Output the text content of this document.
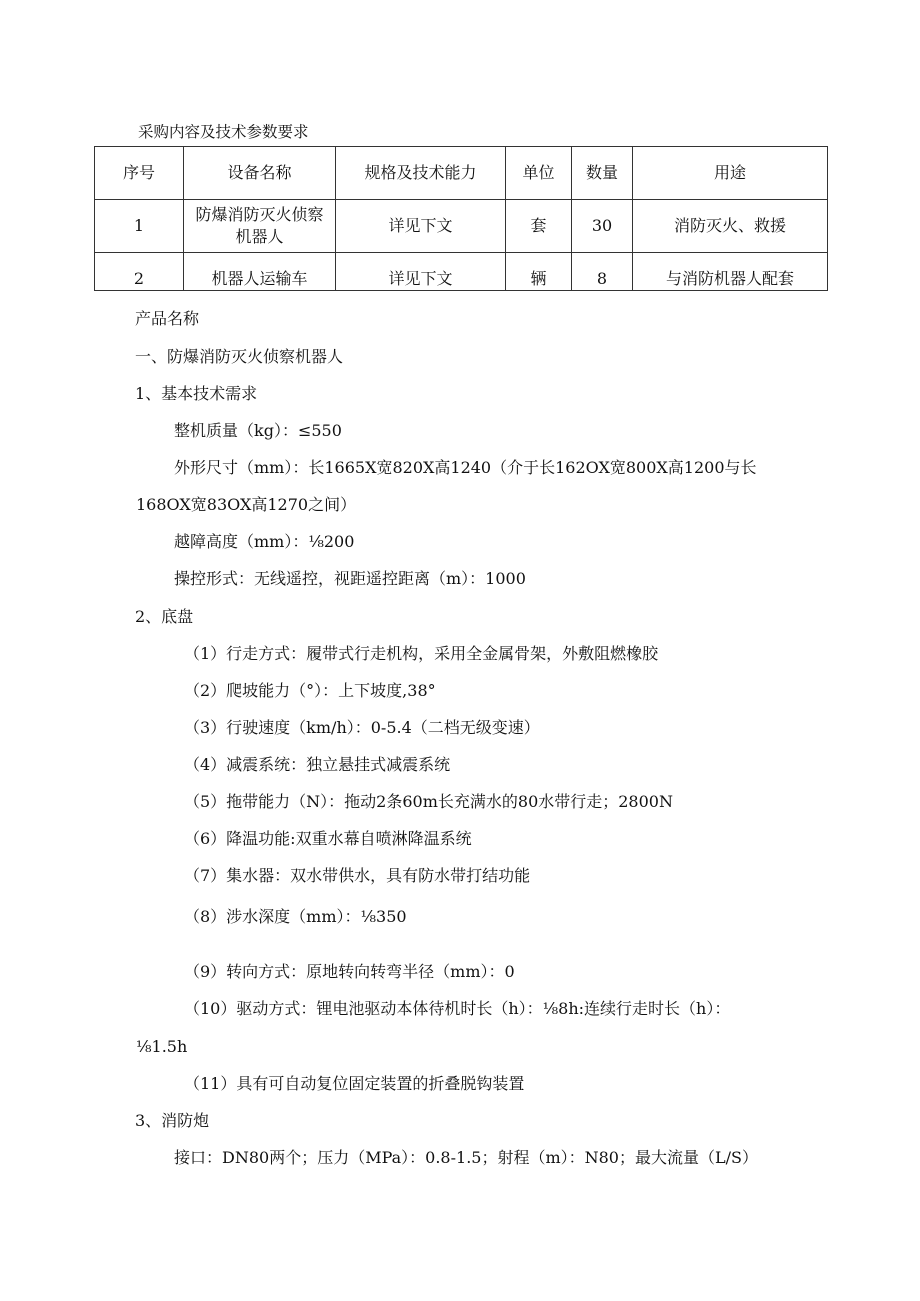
采购内容及技术参数要求
序号	设备名称	规格及技术能力	单位	数量	用途
1	防爆消防灭火侦察机器人	详见下文	套	30	消防灭火、救援
2	机器人运输车	详见下文	辆	8	与消防机器人配套
产品名称
一、防爆消防灭火侦察机器人
1、基本技术需求
整机质量（kg）：≤550
外形尺寸（mm）：长1665X宽820X高1240（介于长162OX宽800X高1200与长
168OX宽83OX高1270之间）
越障高度（mm）：⅛200
操控形式：无线遥控，视距遥控距离（m）：1000
2、底盘
（1）行走方式：履带式行走机构，采用全金属骨架，外敷阻燃橡胶
（2）爬坡能力（°）：上下坡度,38°
（3）行驶速度（km/h）：0-5.4（二档无级变速）
（4）减震系统：独立悬挂式减震系统
（5）拖带能力（N）：拖动2条60m长充满水的80水带行走；2800N
（6）降温功能:双重水幕自喷淋降温系统
（7）集水器：双水带供水，具有防水带打结功能
（8）涉水深度（mm）：⅛350
（9）转向方式：原地转向转弯半径（mm）：0
（10）驱动方式：锂电池驱动本体待机时长（h）：⅛8h:连续行走时长（h）：
⅛1.5h
（11）具有可自动复位固定装置的折叠脱钩装置
3、消防炮
接口：DN80两个；压力（MPa）：0.8-1.5；射程（m）：N80；最大流量（L/S）
